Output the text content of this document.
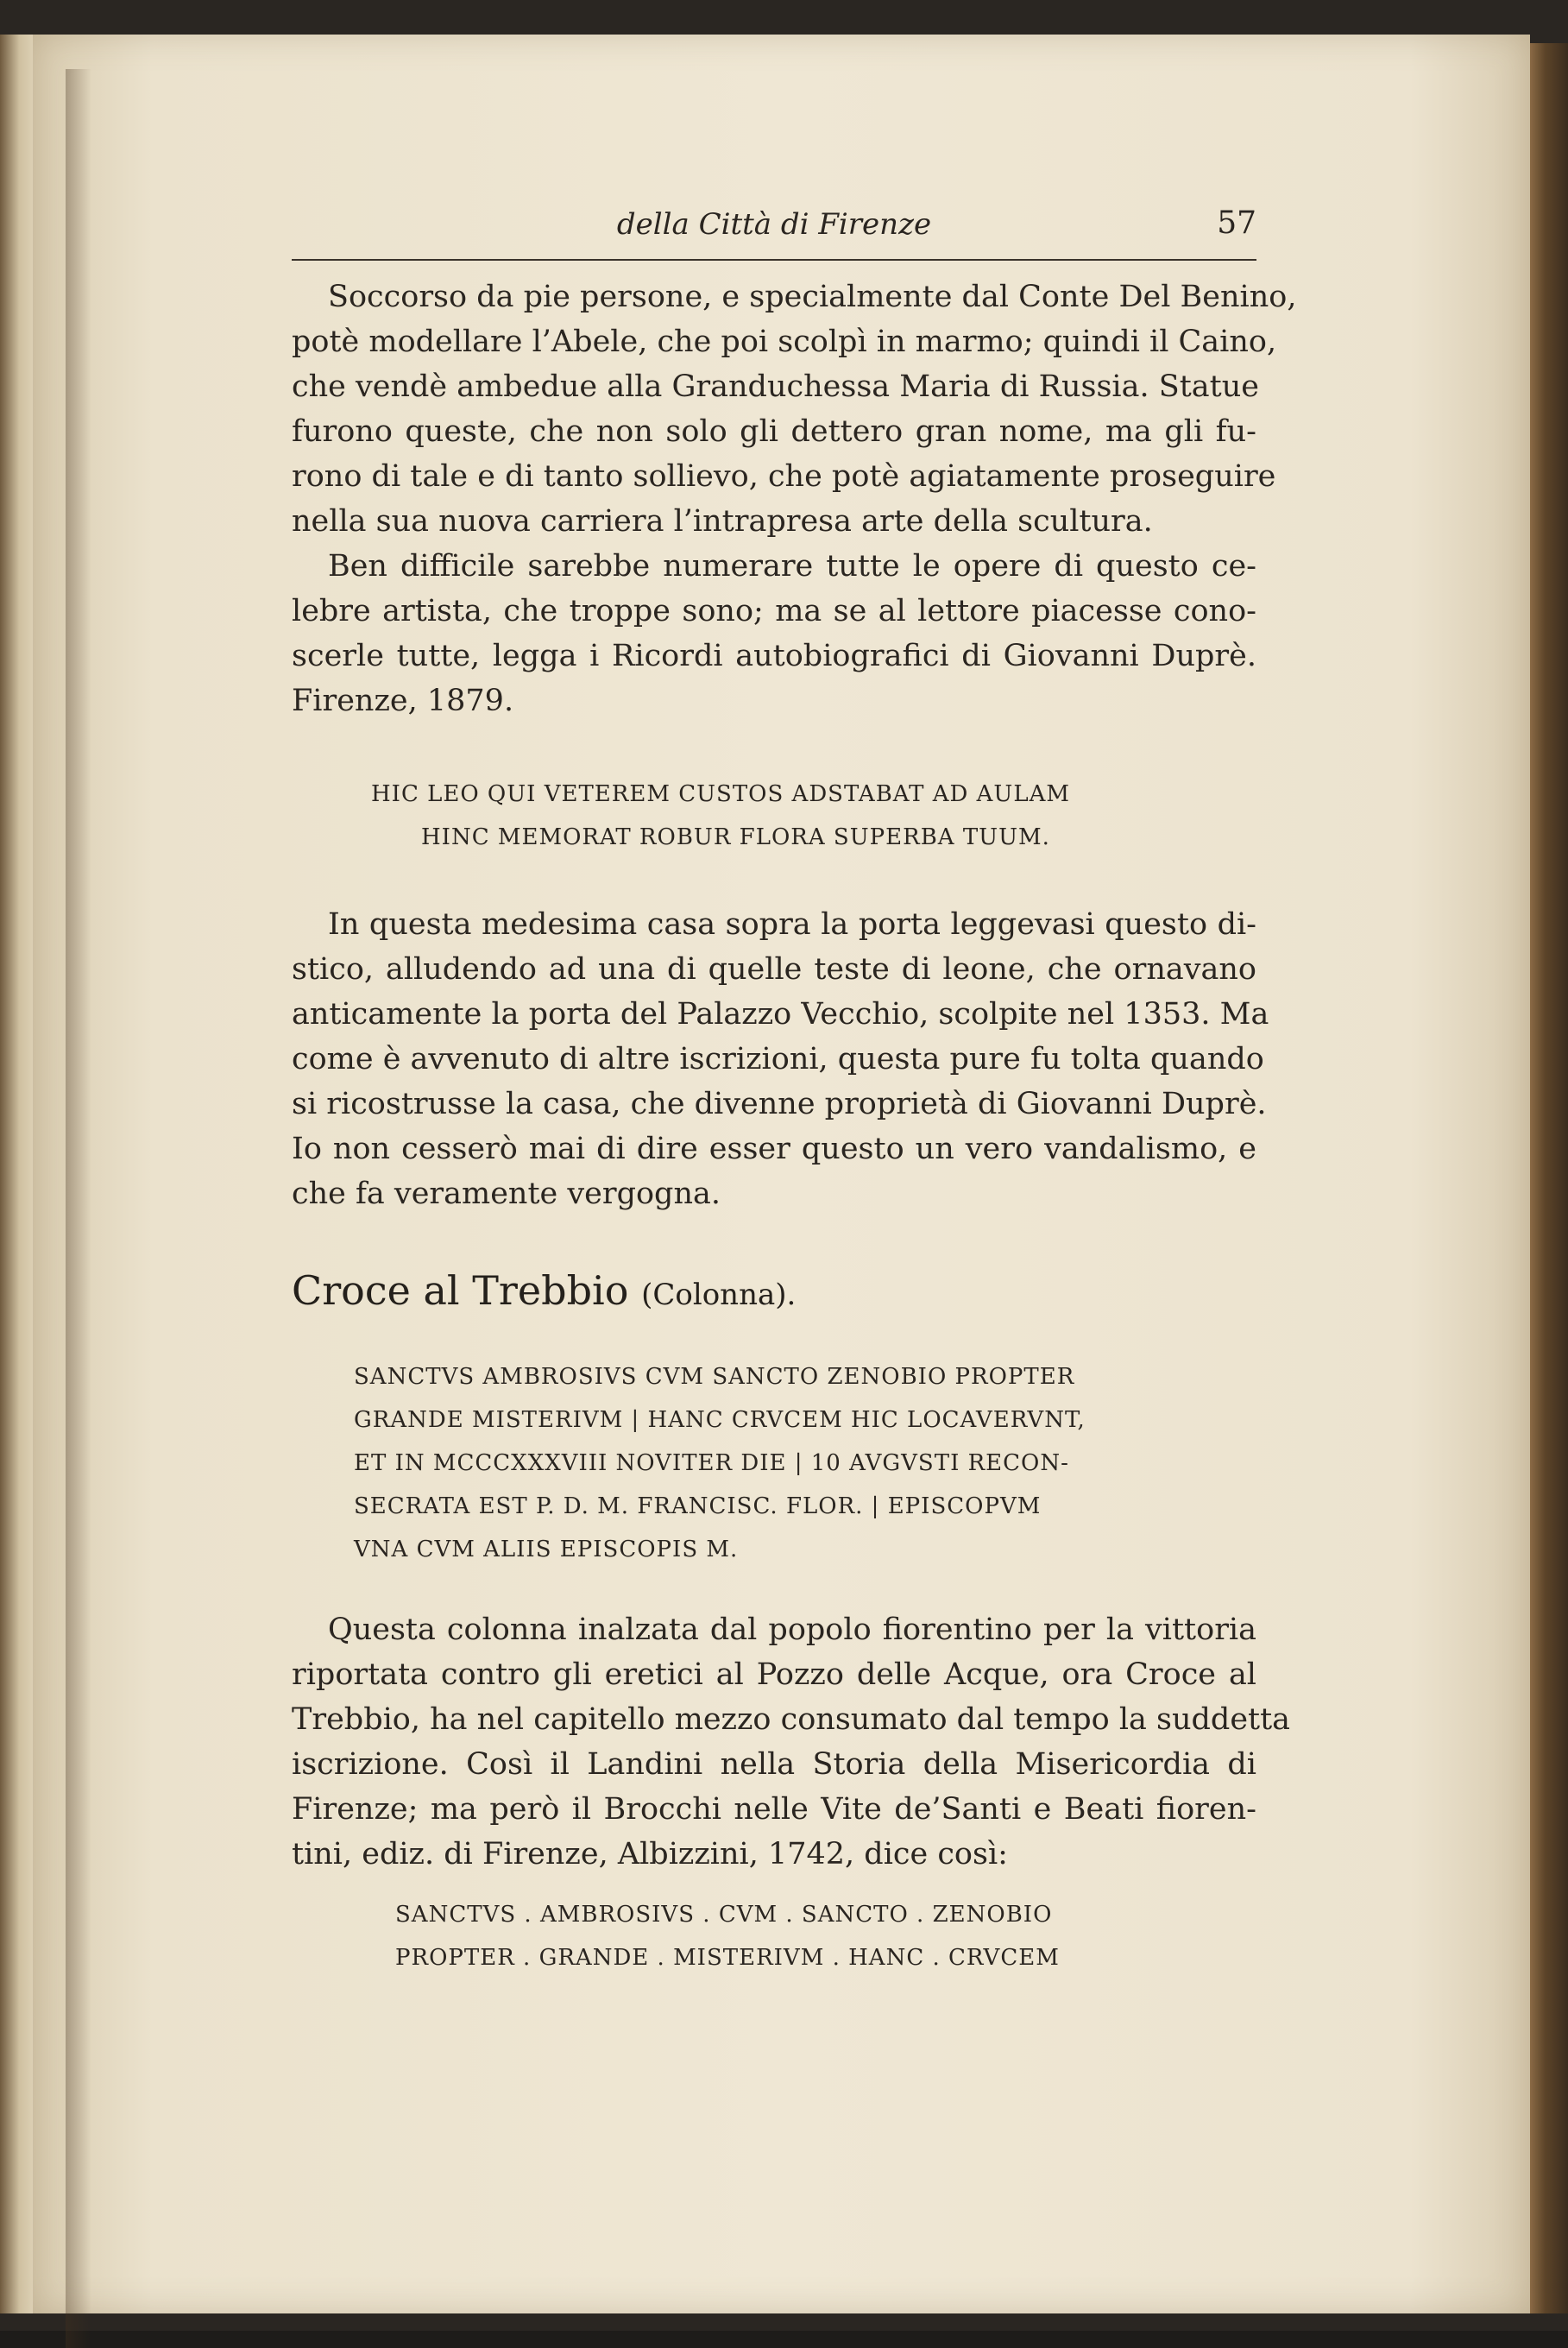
della Città di Firenze	57
Soccorso da pie persone, e specialmente dal Conte Del Benino,
potè modellare l’Abele, che poi scolpì in marmo; quindi il Caino,
che vendè ambedue alla Granduchessa Maria di Russia. Statue
furono queste, che non solo gli dettero gran nome, ma gli fu-
rono di tale e di tanto sollievo, che potè agiatamente proseguire
nella sua nuova carriera l’intrapresa arte della scultura.
Ben difficile sarebbe numerare tutte le opere di questo ce-
lebre artista, che troppe sono; ma se al lettore piacesse cono-
scerle tutte, legga i Ricordi autobiografici di Giovanni Duprè.
Firenze, 1879.
HIC LEO QUI VETEREM CUSTOS ADSTABAT AD AULAM
HINC MEMORAT ROBUR FLORA SUPERBA TUUM.
In questa medesima casa sopra la porta leggevasi questo di-
stico, alludendo ad una di quelle teste di leone, che ornavano
anticamente la porta del Palazzo Vecchio, scolpite nel 1353. Ma
come è avvenuto di altre iscrizioni, questa pure fu tolta quando
si ricostrusse la casa, che divenne proprietà di Giovanni Duprè.
Io non cesserò mai di dire esser questo un vero vandalismo, e
che fa veramente vergogna.
Croce al Trebbio (Colonna).
SANCTVS AMBROSIVS CVM SANCTO ZENOBIO PROPTER
GRANDE MISTERIVM | HANC CRVCEM HIC LOCAVERVNT,
ET IN MCCCXXXVIII NOVITER DIE | 10 AVGVSTI RECON-
SECRATA EST P. D. M. FRANCISC. FLOR. | EPISCOPVM
VNA CVM ALIIS EPISCOPIS M.
Questa colonna inalzata dal popolo fiorentino per la vittoria
riportata contro gli eretici al Pozzo delle Acque, ora Croce al
Trebbio, ha nel capitello mezzo consumato dal tempo la suddetta
iscrizione. Così il Landini nella Storia della Misericordia di
Firenze; ma però il Brocchi nelle Vite de’Santi e Beati fioren-
tini, ediz. di Firenze, Albizzini, 1742, dice così:
SANCTVS . AMBROSIVS . CVM . SANCTO . ZENOBIO
PROPTER . GRANDE . MISTERIVM . HANC . CRVCEM
